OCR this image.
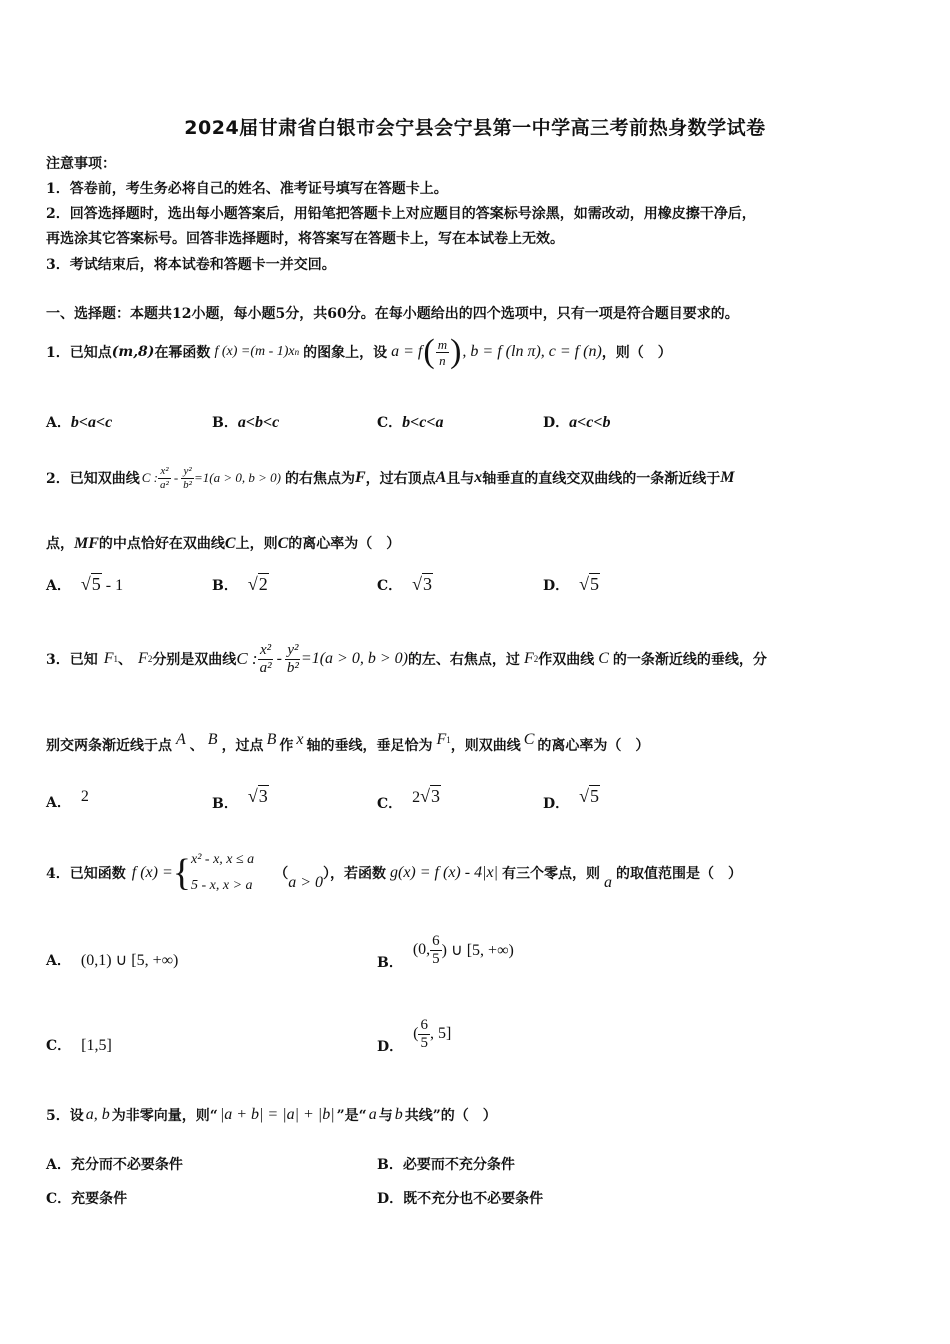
2024届甘肃省白银市会宁县会宁县第一中学高三考前热身数学试卷
注意事项：
1．答卷前，考生务必将自己的姓名、准考证号填写在答题卡上。
2．回答选择题时，选出每小题答案后，用铅笔把答题卡上对应题目的答案标号涂黑，如需改动，用橡皮擦干净后，
再选涂其它答案标号。回答非选择题时，将答案写在答题卡上，写在本试卷上无效。
3．考试结束后，将本试卷和答题卡一并交回。
一、选择题：本题共12小题，每小题5分，共60分。在每小题给出的四个选项中，只有一项是符合题目要求的。
1．已知点 (m,8) 在幂函数 f (x) =(m - 1)x n 的图象上，设 a = f ( $\frac{m}{n}$ ) , b = f (ln π), c = f (n) ，则（　）
A．b<a<c	B．a<b<c	C．b<c<a	D．a<c<b
2．已知双曲线 C : $\frac{\text{x²}}{\text{a²}} - \frac{\text{y²}}{\text{b²}} =1(a > 0$, b > 0) 的右焦点为 F ，过右顶点 A 且与 x 轴垂直的直线交双曲线的一条渐近线于 M
点，MF的中点恰好在双曲线C上，则C的离心率为（　）
A． √5 - 1	B． √2	C． √3	D． √5
3．已知 F 1 、 F 2 分别是双曲线 C : $\frac{\text{x²}}{\text{a²}} - \frac{\text{y²}}{\text{b²}} =1(a > 0$, b > 0) 的左、右焦点，过 F 2 作双曲线 C 的一条渐近线的垂线，分
别交两条渐近线于点 A 、 B ，过点 B 作 x 轴的垂线，垂足恰为 $F_1$ ，则双曲线 C 的离心率为（　）
A． 2	B． √3	C． 2√3	D． √5
4．已知函数 f (x) = { x² - x, x ≤ a
5 - x, x > a
（ a > 0 ），若函数 g(x) = f (x) - 4|x| 有三个零点，则 a 的取值范围是（　）
A． (0,1) ∪ [5, +∞)	B．
(0, $\frac{6}{5}$ ) ∪ [5, +∞)
C． [1,5]	D．
( $\frac{6}{5}$ , 5]
5．设 a, b 为非零向量，则“ |a + b| = |a| + |b| ”是“ a 与 b 共线”的（　）
A．充分而不必要条件	B．必要而不充分条件
C．充要条件	D．既不充分也不必要条件
